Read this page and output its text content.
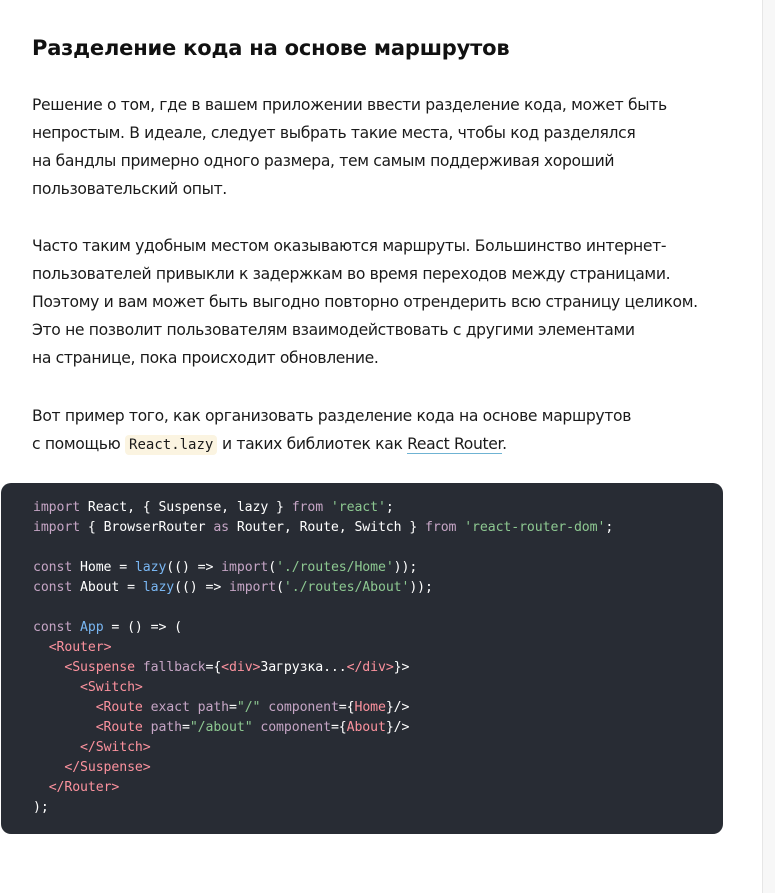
Разделение кода на основе маршрутов

Решение о том, где в вашем приложении ввести разделение кода, может быть
непростым. В идеале, следует выбрать такие места, чтобы код разделялся
на бандлы примерно одного размера, тем самым поддерживая хороший
пользовательский опыт.

Часто таким удобным местом оказываются маршруты. Большинство интернет-
пользователей привыкли к задержкам во время переходов между страницами.
Поэтому и вам может быть выгодно повторно отрендерить всю страницу целиком.
Это не позволит пользователям взаимодействовать с другими элементами
на странице, пока происходит обновление.

Вот пример того, как организовать разделение кода на основе маршрутов
с помощью React.lazy и таких библиотек как React Router.

import React, { Suspense, lazy } from 'react';
import { BrowserRouter as Router, Route, Switch } from 'react-router-dom';

const Home = lazy(() => import('./routes/Home'));
const About = lazy(() => import('./routes/About'));

const App = () => (
<Router>
<Suspense fallback={<div>Загрузка...</div>}>
<Switch>
<Route exact path="/" component={Home}/>
<Route path="/about" component={About}/>
</Switch>
</Suspense>
</Router>
);
